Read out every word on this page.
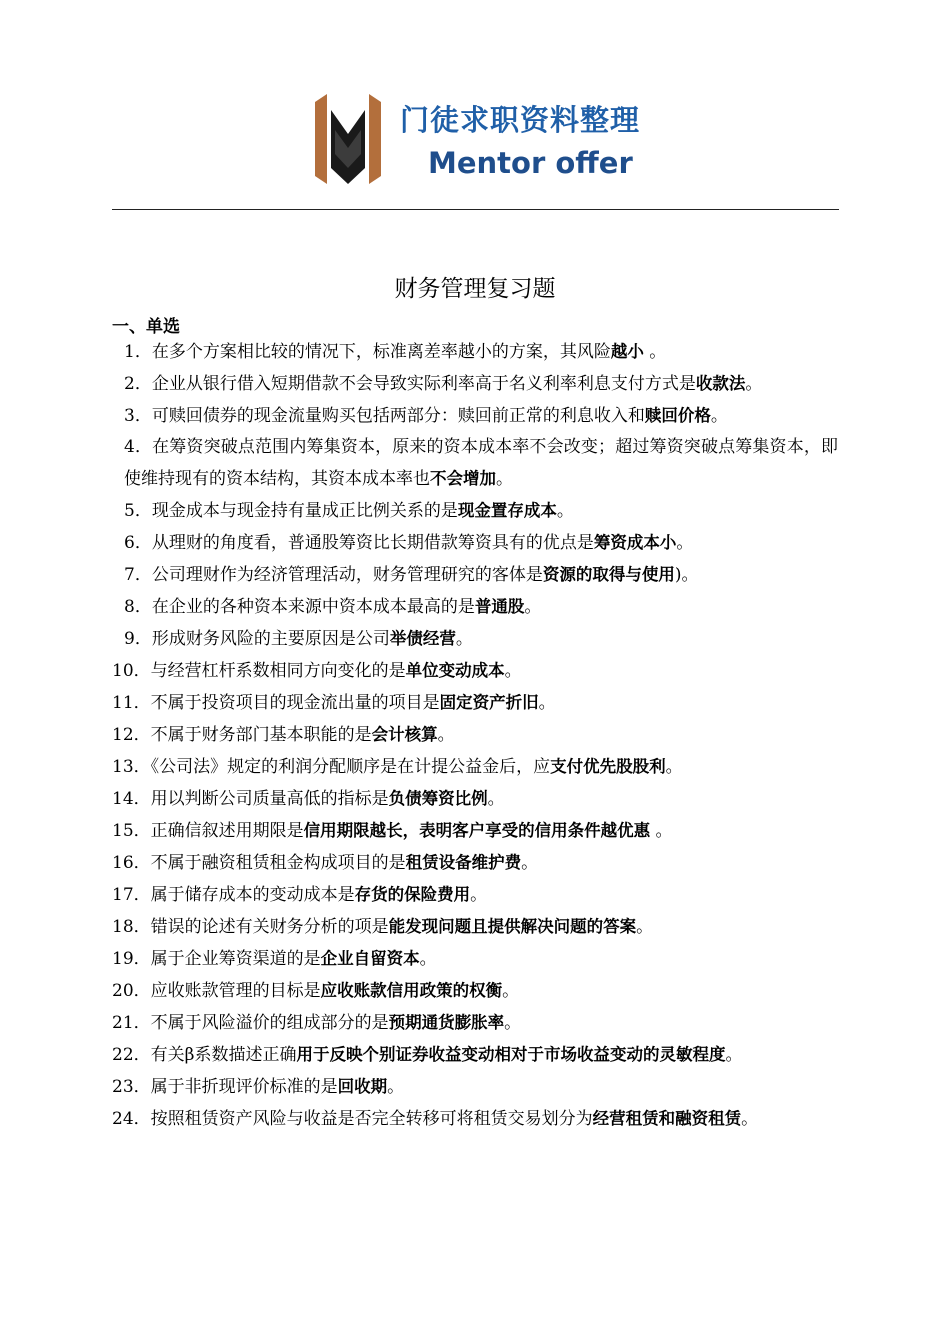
门徒求职资料整理
Mentor offer
财务管理复习题
一、单选

1．在多个方案相比较的情况下，标准离差率越小的方案，其风险越小 。

2．企业从银行借入短期借款不会导致实际利率高于名义利率利息支付方式是收款法。

3．可赎回债券的现金流量购买包括两部分：赎回前正常的利息收入和赎回价格。

4．在筹资突破点范围内筹集资本，原来的资本成本率不会改变；超过筹资突破点筹集资本，即使维持现有的资本结构，其资本成本率也不会增加。

5．现金成本与现金持有量成正比例关系的是现金置存成本。

6．从理财的角度看，普通股筹资比长期借款筹资具有的优点是筹资成本小。

7．公司理财作为经济管理活动，财务管理研究的客体是资源的取得与使用)。

8．在企业的各种资本来源中资本成本最高的是普通股。

9．形成财务风险的主要原因是公司举债经营。

10．与经营杠杆系数相同方向变化的是单位变动成本。

11．不属于投资项目的现金流出量的项目是固定资产折旧。

12．不属于财务部门基本职能的是会计核算。

13．《公司法》规定的利润分配顺序是在计提公益金后，应支付优先股股利。

14．用以判断公司质量高低的指标是负债筹资比例。

15．正确信叙述用期限是信用期限越长，表明客户享受的信用条件越优惠 。

16．不属于融资租赁租金构成项目的是租赁设备维护费。

17．属于储存成本的变动成本是存货的保险费用。

18．错误的论述有关财务分析的项是能发现问题且提供解决问题的答案。

19．属于企业筹资渠道的是企业自留资本。

20．应收账款管理的目标是应收账款信用政策的权衡。

21．不属于风险溢价的组成部分的是预期通货膨胀率。

22．有关β系数描述正确用于反映个别证券收益变动相对于市场收益变动的灵敏程度。

23．属于非折现评价标准的是回收期。

24．按照租赁资产风险与收益是否完全转移可将租赁交易划分为经营租赁和融资租赁。
